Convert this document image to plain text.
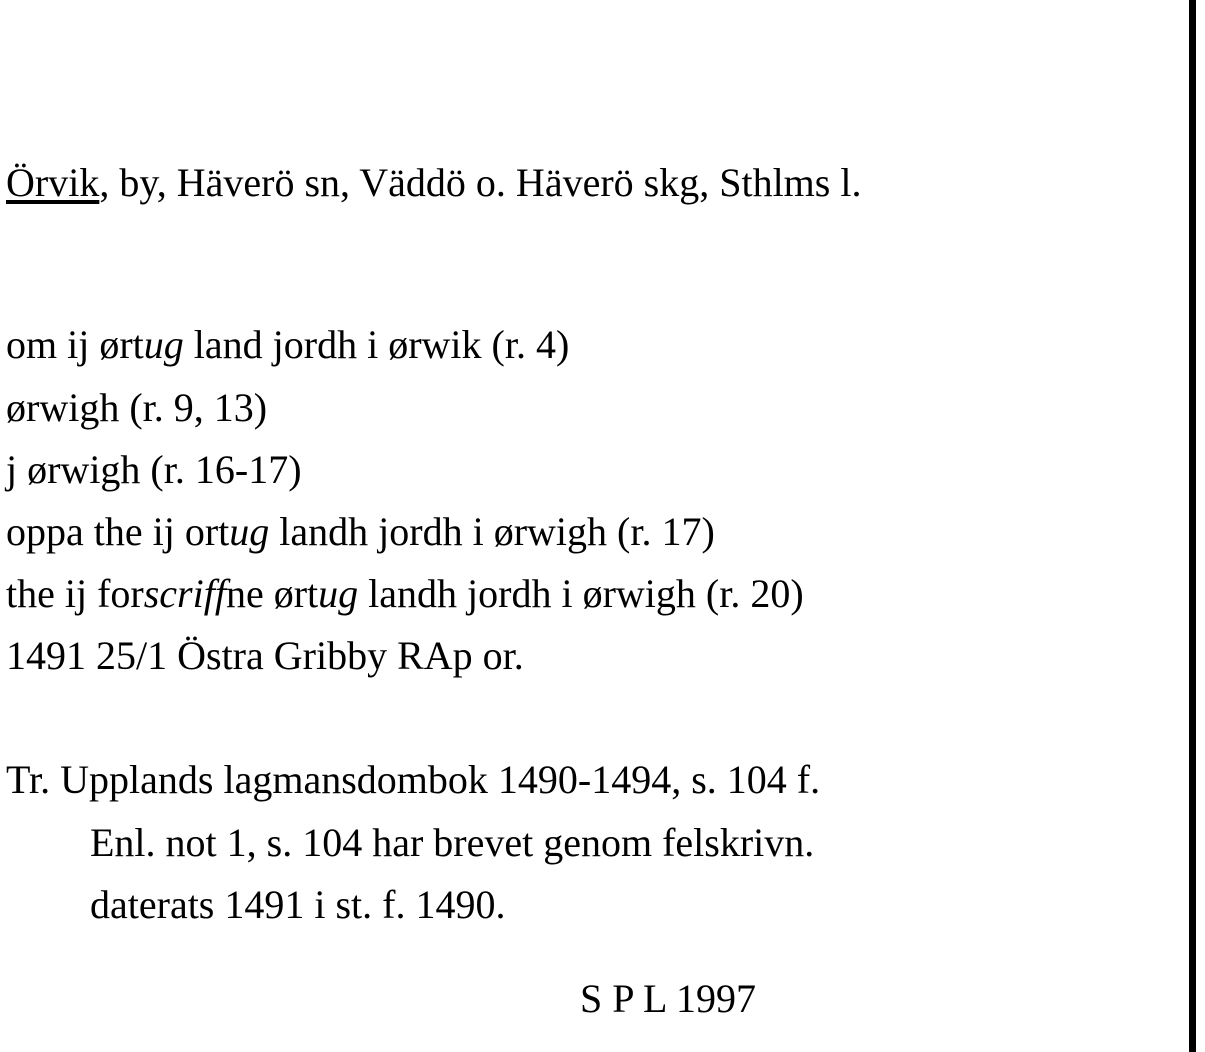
Örvik, by, Häverö sn, Väddö o. Häverö skg, Sthlms l.
om ij ørtug land jordh i ørwik (r. 4)
ørwigh (r. 9, 13)
j ørwigh (r. 16-17)
oppa the ij ortug landh jordh i ørwigh (r. 17)
the ij forscriffne ørtug landh jordh i ørwigh (r. 20)
1491 25/1 Östra Gribby RAp or.
Tr. Upplands lagmansdombok 1490-1494, s. 104 f.
Enl. not 1, s. 104 har brevet genom felskrivn.
daterats 1491 i st. f. 1490.
S P L 1997
